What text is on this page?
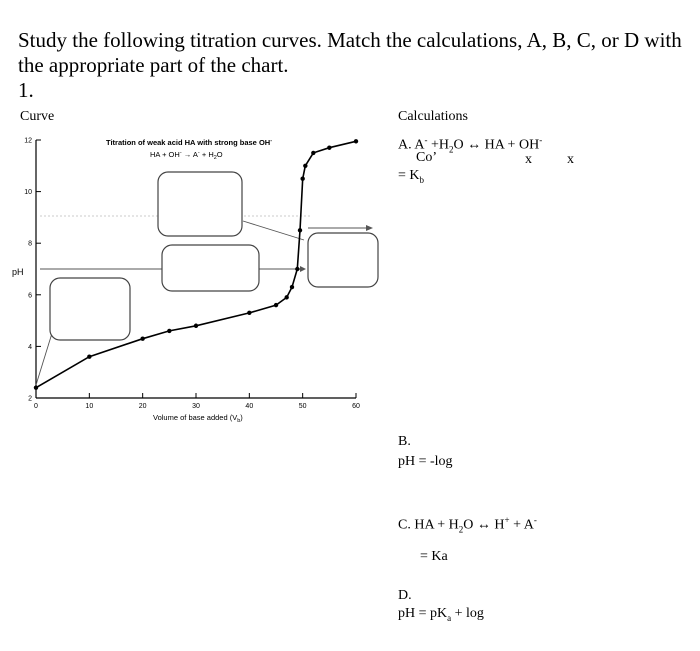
Study the following titration curves. Match the calculations, A, B, C, or D with the appropriate part of the chart.
1.
Curve	Calculations
A. $A^- +H_2O$ ↔ HA + OH-
Co’	x	x
= $K_b$
B.
pH = -log
C. HA + $H_2O$ ↔ H+ + A-
= Ka
D.
pH = $pK_a + \log$
2
4
6
8
10
12
0	10	20	30	40	50	60
pH
Titration of weak acid HA with strong base OH-
HA + $OH^- \to A^- + H_2O$
Volume of base added $(V_b)$
